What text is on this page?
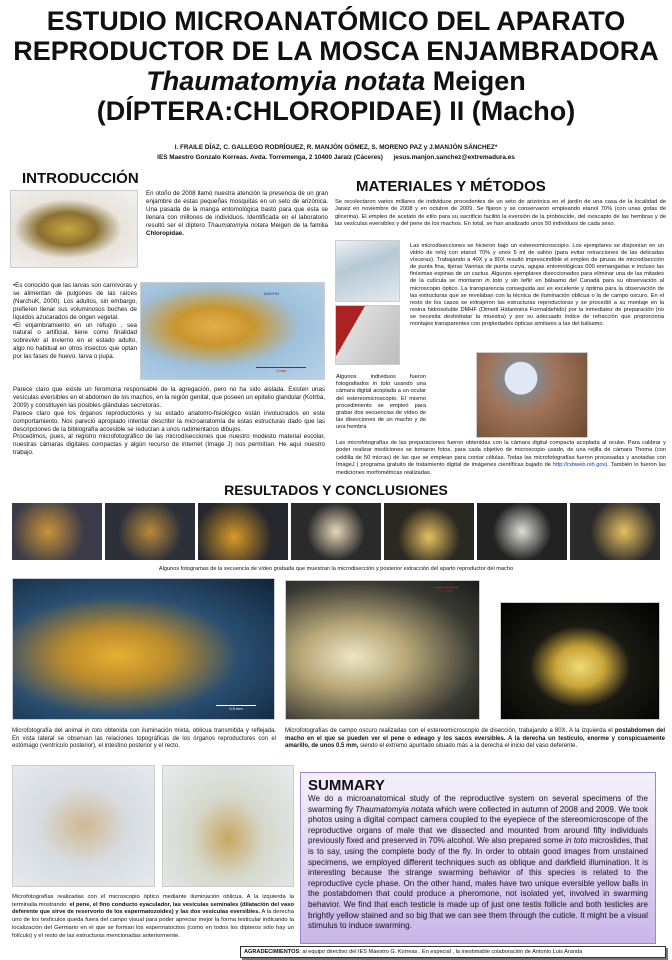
ESTUDIO MICROANATÓMICO DEL APARATO
REPRODUCTOR DE LA MOSCA ENJAMBRADORA
Thaumatomyia notata Meigen
(DÍPTERA:CHLOROPIDAE) II (Macho)
I. FRAILE DÍAZ, C. GALLEGO RODRÍGUEZ, R. MANJÓN GÓMEZ, S. MORENO PAZ y J.MANJÓN SÁNCHEZ*
IES Maestro Gonzalo Korreas. Avda. Torremenga, 2 10400 Jaraíz (Cáceres) jesus.manjon.sanchez@extremadura.es
INTRODUCCIÓN
En otoño de 2008 llamó nuestra atención la presencia de un gran enjambre de estas pequeñas mosquitas en un seto de arizónica. Una pasada de la manga entomológica bastó para que esta se llenara con millones de individuos. Identificada en el laboratorio resultó ser el díptero Thaumatomyia notata Meigen de la familia Chloropidae.
•Es conocido que las larvas son carnívoras y se alimentan de pulgones de las raíces (NarchuK, 2000). Los adultos, sin embargo, prefieren llenar sus voluminosos buches de líquidos azucarados de origen vegetal.
•El enjambramiento en un refugio , sea natural o artificial, tiene como finalidad sobrevivir al invierno en el estado adulto, algo no habitual en otros insectos que optan por las fases de huevo, larva o pupa.
MACHO
1 mm
Parece claro que existe un feromona responsable de la agregación, pero no ha sido aislada. Existen unas vesículas eversibles en el abdomen de los machos, en la región genital, que poseen un epitelio glandular (Kotrba, 2009) y constituyen las posibles glándulas secretoras.
Parece claro que los órganos reproductores y su estado anatomo-fisiológico están involucrados en este comportamiento. Nos pareció apropiado intentar describir la microanatomía de estas estructuras dado que las descripciones de la bibliografía accesible se reducían a unos rudimentarios dibujos.
Procedimos, pues, al registro microfotográfico de las microdisecciones que nuestro modesto material escolar, nuestras cámaras digitales compactas y algún recurso de internet (Image J) nos permitían. He aquí nuestro trabajo.
MATERIALES Y MÉTODOS
Se recolectaron varios millares de individuos procedentes de un seto de arizónica en el jardín de una casa de la localidad de Jaraíz en noviembre de 2008 y en octubre de 2009. Se fijaron y se conservaron empleando etanol 70% (con unas gotas de glicerina). El empleo de acetato de etilo para su sacrificio facilitó la eversión de la probóscide, del oviscapto de las hembras y de las vesículas eversibles y del pene de los machos. En total, se han analizado unos 50 individuos de cada sexo.
Las microdisecciones se hicieron bajo un estereomicroscopio. Los ejemplares se disponían en un vidrio de reloj con etanol 70% y unos 5 ml de salino (para evitar retracciones de las delicadas vísceras). Trabajando a 40X y a 80X resultó imprescindible el empleo de pinzas de microdisección de punta fina, tijeras Vannas de punta curva, agujas entomológicas 000 enmangadas e incluso las finísimas espinas de un cactus. Algunos ejemplares diseccionados para eliminar una de las mitades de la cutícula se montaron in toto y sin teñir en bálsamo del Canadá para su observación al microscopio óptico. La transparencia conseguida así es excelente y óptima para la observación de las estructuras que se revelaban con la técnica de iluminación oblicua o la de campo oscuro. En el resto de los casos se extrajeron las estructuras reproductoras y se procedió a su montaje en la resina hidrosoluble DMHF (Dimetil Hidantoina Formaldehido) por la inmediatez de preparación (no se necesita deshidratar la muestra) y por su adecuado índice de refracción que proporciona montajes transparentes con propiedades ópticas similares a las del bálsamo.
Algunos individuos fueron fotografiados in toto usando una cámara digital acoplada a un ocular del estereomicroscopio. El mismo procedimiento se empleó para grabar dos secuencias de vídeo de las disecciones de un macho y de una hembra
Las microfotografías de las preparaciones fueron obtenidas con la cámara digital compacta acoplada al ocular. Para calibrar y poder realizar mediciones se tomaron fotos, para cada objetivo de microscopio usado, de una rejilla de cámara Thoma (con celdilla de 50 micras) de las que se emplean para contar células. Todas las microfotografías fueron procesadas y anotadas con ImageJ ( programa gratuito de tratamiento digital de imágenes científicas bajado de http://rsbweb.nih.gov). También lo fueron las mediciones morfométricas realizadas.
RESULTADOS Y CONCLUSIONES
Algunos fotogramas de la secuencia de vídeo grabada que muestran la microdisección y posterior extracción del aparto reproductor del macho
0.5 mm
0.2 mm
Microfotografía del animal in toto obtenida con iluminación mixta, oblicua transmitida y reflejada. En vista lateral se observan las relaciones topográficas de los órganos reproductores con el estómago (ventrículo posterior), el intestino posterior y el recto.
Microfotografías de campo oscuro realizadas con el estereomicroscopio de disección, trabajando a 80X. A la izquierda el postabdomen del macho en el que se pueden ver el pene o edeago y los sacos eversibles. A la derecha un testículo, enorme y conspicuamente amarillo, de unos 0.5 mm, siendo el extremo apuntado situado más a la derecha el inicio del vaso deferente.
Microfotografías realizadas con el microscopio óptico mediante iluminación oblicua. A la izquierda la terminalia mostrando: el pene, el fino conducto eyaculador, las vesículas seminales (dilatación del vaso deferente que sirve de reservorio de los espermatozoides) y las dos vesículas eversibles. A la derecha uno de los testículos queda fuera del campo visual para poder apreciar mejor la forma testicular indicando la localización del Germario en el que se forman los espermatocitos (como en todos los dípteros sólo hay un folículo) y el resto de las estructuras mencionadas anteriormente.
SUMMARY

We do a microanatomical study of the reproductive system on several specimens of the swarming fly Thaumatomyia notata which were collected in autumn of 2008 and 2009. We took photos using a digital compact camera coupled to the eyepiece of the stereomicroscope of the reproductive organs of male that we dissected and mounted from around fifty individuals previously fixed and preserved in 70% alcohol. We also prepared some in toto microslides, that is to say, using the complete body of the fly. In order to obtain good images from unstained specimens, we employed different techniques such as oblique and darkfield illumination. It is interesting because the strange swarming behavior of this species is related to the reproductive cycle phase. On the other hand, males have two unique eversible yellow balls in the postabdomen that could produce a pheromone, not isolated yet, involved in swarming behavior. We find that each testicle is made up of just one testis follicle and both testicles are brightly yellow stained and so big that we can see them through the cuticle. It might be a visual stimulus to induce swarming.

AGRADECIMIENTOS: al equipo directivo del IES Maestro G. Korreas . En especial , la inestimable colaboración de Antonio Luis Aranda
